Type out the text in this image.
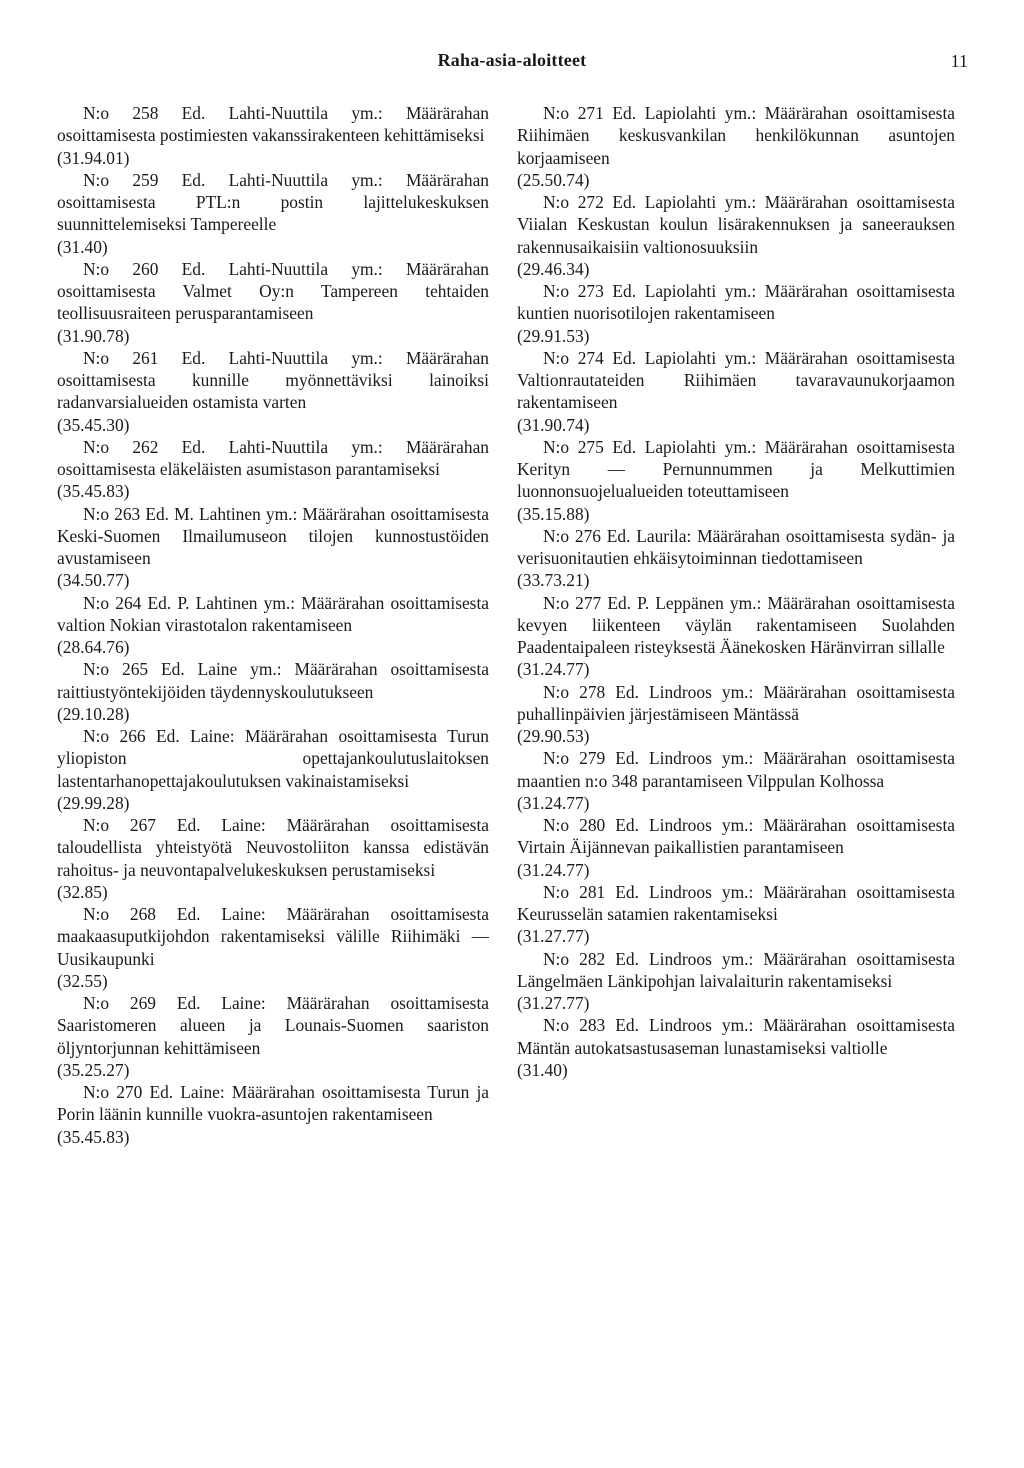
Raha-asia-aloitteet	11

N:o 258 Ed. Lahti-Nuuttila ym.: Määrärahan osoittamisesta postimiesten vakanssirakenteen kehittämiseksi

(31.94.01)

N:o 259 Ed. Lahti-Nuuttila ym.: Määrärahan osoittamisesta PTL:n postin lajittelukeskuksen suunnittelemiseksi Tampereelle

(31.40)

N:o 260 Ed. Lahti-Nuuttila ym.: Määrärahan osoittamisesta Valmet Oy:n Tampereen tehtaiden teollisuusraiteen perusparantamiseen

(31.90.78)

N:o 261 Ed. Lahti-Nuuttila ym.: Määrärahan osoittamisesta kunnille myönnettäviksi lainoiksi radanvarsialueiden ostamista varten

(35.45.30)

N:o 262 Ed. Lahti-Nuuttila ym.: Määrärahan osoittamisesta eläkeläisten asumistason parantamiseksi

(35.45.83)

N:o 263 Ed. M. Lahtinen ym.: Määrärahan osoittamisesta Keski-Suomen Ilmailumuseon tilojen kunnostustöiden avustamiseen

(34.50.77)

N:o 264 Ed. P. Lahtinen ym.: Määrärahan osoittamisesta valtion Nokian virastotalon rakentamiseen

(28.64.76)

N:o 265 Ed. Laine ym.: Määrärahan osoittamisesta raittiustyöntekijöiden täydennyskoulutukseen

(29.10.28)

N:o 266 Ed. Laine: Määrärahan osoittamisesta Turun yliopiston opettajankoulutuslaitoksen lastentarhanopettajakoulutuksen vakinaistamiseksi

(29.99.28)

N:o 267 Ed. Laine: Määrärahan osoittamisesta taloudellista yhteistyötä Neuvostoliiton kanssa edistävän rahoitus- ja neuvontapalvelukeskuksen perustamiseksi

(32.85)

N:o 268 Ed. Laine: Määrärahan osoittamisesta maakaasuputkijohdon rakentamiseksi välille Riihimäki — Uusikaupunki

(32.55)

N:o 269 Ed. Laine: Määrärahan osoittamisesta Saaristomeren alueen ja Lounais-Suomen saariston öljyntorjunnan kehittämiseen

(35.25.27)

N:o 270 Ed. Laine: Määrärahan osoittamisesta Turun ja Porin läänin kunnille vuokra-asuntojen rakentamiseen

(35.45.83)

N:o 271 Ed. Lapiolahti ym.: Määrärahan osoittamisesta Riihimäen keskusvankilan henkilökunnan asuntojen korjaamiseen

(25.50.74)

N:o 272 Ed. Lapiolahti ym.: Määrärahan osoittamisesta Viialan Keskustan koulun lisärakennuksen ja saneerauksen rakennusaikaisiin valtionosuuksiin

(29.46.34)

N:o 273 Ed. Lapiolahti ym.: Määrärahan osoittamisesta kuntien nuorisotilojen rakentamiseen

(29.91.53)

N:o 274 Ed. Lapiolahti ym.: Määrärahan osoittamisesta Valtionrautateiden Riihimäen tavaravaunukorjaamon rakentamiseen

(31.90.74)

N:o 275 Ed. Lapiolahti ym.: Määrärahan osoittamisesta Kerityn — Pernunnummen ja Melkuttimien luonnonsuojelualueiden toteuttamiseen

(35.15.88)

N:o 276 Ed. Laurila: Määrärahan osoittamisesta sydän- ja verisuonitautien ehkäisytoiminnan tiedottamiseen

(33.73.21)

N:o 277 Ed. P. Leppänen ym.: Määrärahan osoittamisesta kevyen liikenteen väylän rakentamiseen Suolahden Paadentaipaleen risteyksestä Äänekosken Häränvirran sillalle

(31.24.77)

N:o 278 Ed. Lindroos ym.: Määrärahan osoittamisesta puhallinpäivien järjestämiseen Mäntässä

(29.90.53)

N:o 279 Ed. Lindroos ym.: Määrärahan osoittamisesta maantien n:o 348 parantamiseen Vilppulan Kolhossa

(31.24.77)

N:o 280 Ed. Lindroos ym.: Määrärahan osoittamisesta Virtain Äijännevan paikallistien parantamiseen

(31.24.77)

N:o 281 Ed. Lindroos ym.: Määrärahan osoittamisesta Keurusselän satamien rakentamiseksi

(31.27.77)

N:o 282 Ed. Lindroos ym.: Määrärahan osoittamisesta Längelmäen Länkipohjan laivalaiturin rakentamiseksi

(31.27.77)

N:o 283 Ed. Lindroos ym.: Määrärahan osoittamisesta Mäntän autokatsastusaseman lunastamiseksi valtiolle

(31.40)
